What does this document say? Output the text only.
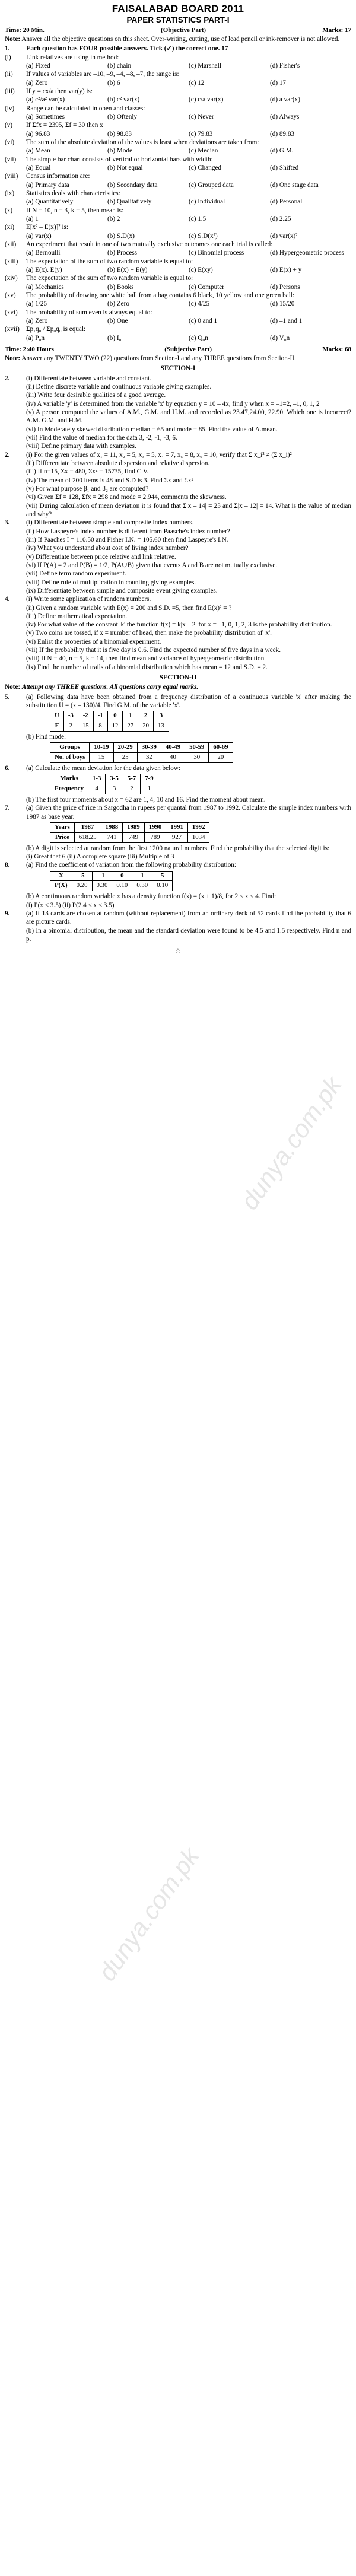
FAISALABAD BOARD 2011
PAPER STATISTICS PART-I
Time: 20 Min.	(Objective Part)	Marks: 17

Note: Answer all the objective questions on this sheet. Over-writing, cutting, use of lead pencil or ink-remover is not allowed.

1.	Each question has FOUR possible answers. Tick (✓) the correct one. 17
(i)	Link relatives are using in method:
(a) Fixed	(b) chain	(c) Marshall	(d) Fisher's
(ii)	If values of variables are –10, –9, –4, –8, –7, the range is:
(a) Zero	(b) 6	(c) 12	(d) 17
(iii)	If y = cx/a then var(y) is:
(a) c²/a² var(x)	(b) c² var(x)	(c) c/a var(x)	(d) a var(x)
(iv)	Range can be calculated in open and classes:
(a) Sometimes	(b) Oftenly	(c) Never	(d) Always
(v)	If Σfx = 2395, Σf = 30 then x̄
(a) 96.83	(b) 98.83	(c) 79.83	(d) 89.83
(vi)	The sum of the absolute deviation of the values is least when deviations are taken from:
(a) Mean	(b) Mode	(c) Median	(d) G.M.
(vii)	The simple bar chart consists of vertical or horizontal bars with width:
(a) Equal	(b) Not equal	(c) Changed	(d) Shifted
(viii)	Census information are:
(a) Primary data	(b) Secondary data	(c) Grouped data	(d) One stage data
(ix)	Statistics deals with characteristics:
(a) Quantitatively	(b) Qualitatively	(c) Individual	(d) Personal
(x)	If N = 10, n = 3, k = 5, then mean is:
(a) 1	(b) 2	(c) 1.5	(d) 2.25
(xi)	E[x² – E(x)]² is:
(a) var(x)	(b) S.D(x)	(c) S.D(x²)	(d) var(x)²
(xii)	An experiment that result in one of two mutually exclusive outcomes one each trial is called:
(a) Bernoulli	(b) Process	(c) Binomial process	(d) Hypergeometric process
(xiii)	The expectation of the sum of two random variable is equal to:
(a) E(x). E(y)	(b) E(x) + E(y)	(c) E(xy)	(d) E(x) + y
(xiv)	The expectation of the sum of two random variable is equal to:
(a) Mechanics	(b) Books	(c) Computer	(d) Persons
(xv)	The probability of drawing one white ball from a bag contains 6 black, 10 yellow and one green ball:
(a) 1/25	(b) Zero	(c) 4/25	(d) 15/20
(xvi)	The probability of sum even is always equal to:
(a) Zero	(b) One	(c) 0 and 1	(d) –1 and 1
(xvii) Σp₁q₀ / Σp₀q₀ is equal:
(a) P₀n	(b) I₀	(c) Q₀n	(d) V₀n
Time: 2:40 Hours	(Subjective Part)	Marks: 68

Note: Answer any TWENTY TWO (22) questions from Section-I and any THREE questions from Section-II.

SECTION-I
2.	(i) Differentiate between variable and constant.

(ii) Define discrete variable and continuous variable giving examples.

(iii) Write four desirable qualities of a good average.

(iv) A variable 'y' is determined from the variable 'x' by equation y = 10 – 4x, find ȳ when x = –1=2, –1, 0, 1, 2

(v) A person computed the values of A.M., G.M. and H.M. and recorded as 23.47,24.00, 22.90. Which one is incorrect? A.M. G.M. and H.M.

(vi) In Moderately skewed distribution median = 65 and mode = 85. Find the value of A.mean.

(vii) Find the value of median for the data 3, -2, -1, -3, 6.

(viii) Define primary data with examples.

2.	(i) For the given values of x₁ = 11, x₂ = 5, x₃ = 5, x₄ = 7, x₅ = 8, x₆ = 10, verify that Σ x_i² ≠ (Σ x_i)²

(ii) Differentiate between absolute dispersion and relative dispersion.

(iii) If n=15, Σx = 480, Σx² = 15735, find C.V.

(iv) The mean of 200 items is 48 and S.D is 3. Find Σx and Σx²

(v) For what purpose β₁ and β₂ are computed?

(vi) Given Σf = 128, Σfx = 298 and mode = 2.944, comments the skewness.

(vii) During calculation of mean deviation it is found that Σ|x – 14| = 23 and Σ|x – 12| = 14. What is the value of median and why?

3.	(i) Differentiate between simple and composite index numbers.

(ii) How Laspeyre's index number is different from Paasche's index number?

(iii) If Paaches I = 110.50 and Fisher I.N. = 105.60 then find Laspeyre's I.N.

(iv) What you understand about cost of living index number?

(v) Differentiate between price relative and link relative.

(vi) If P(A) = 2 and P(B) = 1/2, P(A∪B) given that events A and B are not mutually exclusive.

(vii) Define term random experiment.

(viii) Define rule of multiplication in counting giving examples.

(ix) Differentiate between simple and composite event giving examples.

4.	(i) Write some application of random numbers.

(ii) Given a random variable with E(x) = 200 and S.D. =5, then find E(x)² = ?

(iii) Define mathematical expectation.

(iv) For what value of the constant 'k' the function f(x) = k|x – 2| for x = –1, 0, 1, 2, 3 is the probability distribution.

(v) Two coins are tossed, if x = number of head, then make the probability distribution of 'x'.

(vi) Enlist the properties of a binomial experiment.

(vii) If the probability that it is five day is 0.6. Find the expected number of five days in a week.

(viii) If N = 40, n = 5, k = 14, then find mean and variance of hypergeometric distribution.

(ix) Find the number of trails of a binomial distribution which has mean = 12 and S.D. = 2.

SECTION-II

Note: Attempt any THREE questions. All questions carry equal marks.

5.	(a) Following data have been obtained from a frequency distribution of a continuous variable 'x' after making the substitution U = (x – 130)/4. Find G.M. of the variable 'x'.

U	-3	-2	-1	0	1	2	3
F	2	15	8	12	27	20	13

(b) Find mode:

Groups	10-19	20-29	30-39	40-49	50-59	60-69
No. of boys	15	25	32	40	30	20
6.	(a) Calculate the mean deviation for the data given below:

Marks	1-3	3-5	5-7	7-9
Frequency	4	3	2	1

(b) The first four moments about x = 62 are 1, 4, 10 and 16. Find the moment about mean.

7.	(a) Given the price of rice in Sargodha in rupees per quantal from 1987 to 1992. Calculate the simple index numbers with 1987 as base year.

Years	1987	1988	1989	1990	1991	1992
Price	618.25	741	749	789	927	1034

(b) A digit is selected at random from the first 1200 natural numbers. Find the probability that the selected digit is:

(i) Great that 6 (ii) A complete square (iii) Multiple of 3

8.	(a) Find the coefficient of variation from the following probability distribution:

X	-5	-1	0	1	5
P(X)	0.20	0.30	0.10	0.30	0.10

(b) A continuous random variable x has a density function f(x) = (x + 1)/8, for 2 ≤ x ≤ 4. Find:

(i) P(x < 3.5) (ii) P(2.4 ≤ x ≤ 3.5)

9.	(a) If 13 cards are chosen at random (without replacement) from an ordinary deck of 52 cards find the probability that 6 are picture cards.

(b) In a binomial distribution, the mean and the standard deviation were found to be 4.5 and 1.5 respectively. Find n and p.

☆
dunya.com.pk
dunya.com.pk
